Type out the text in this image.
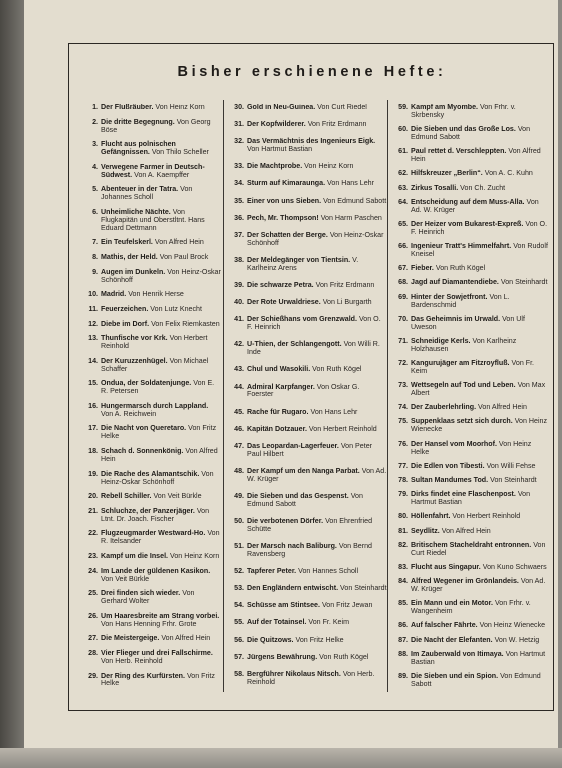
Bisher erschienene Hefte:
1. Der Flußräuber. Von Heinz Korn
2. Die dritte Begegnung. Von Georg Böse
3. Flucht aus polnischen Gefängnissen. Von Thilo Scheller
4. Verwegene Farmer in Deutsch-Südwest. Von A. Kaempffer
5. Abenteuer in der Tatra. Von Johannes Scholl
6. Unheimliche Nächte. Von Flugkapitän und Oberstltnt. Hans Eduard Dettmann
7. Ein Teufelskerl. Von Alfred Hein
8. Mathis, der Held. Von Paul Brock
9. Augen im Dunkeln. Von Heinz-Oskar Schönhoff
10. Madrid. Von Henrik Herse
11. Feuerzeichen. Von Lutz Knecht
12. Diebe im Dorf. Von Felix Riemkasten
13. Thunfische vor Krk. Von Herbert Reinhold
14. Der Kuruzzenhügel. Von Michael Schaffer
15. Ondua, der Soldatenjunge. Von E. R. Petersen
16. Hungermarsch durch Lappland. Von A. Reichwein
17. Die Nacht von Queretaro. Von Fritz Helke
18. Schach d. Sonnenkönig. Von Alfred Hein
19. Die Rache des Alamantschik. Von Heinz-Oskar Schönhoff
20. Rebell Schiller. Von Veit Bürkle
21. Schluchze, der Panzerjäger. Von Ltnt. Dr. Joach. Fischer
22. Flugzeugmarder Westward-Ho. Von R. Itelsander
23. Kampf um die Insel. Von Heinz Korn
24. Im Lande der güldenen Kasikon. Von Veit Bürkle
25. Drei finden sich wieder. Von Gerhard Wolter
26. Um Haaresbreite am Strang vorbei. Von Hans Henning Frhr. Grote
27. Die Meistergeige. Von Alfred Hein
28. Vier Flieger und drei Fallschirme. Von Herb. Reinhold
29. Der Ring des Kurfürsten. Von Fritz Helke
30. Gold in Neu-Guinea. Von Curt Riedel
31. Der Kopfwilderer. Von Fritz Erdmann
32. Das Vermächtnis des Ingenieurs Eigk. Von Hartmut Bastian
33. Die Machtprobe. Von Heinz Korn
34. Sturm auf Kimaraunga. Von Hans Lehr
35. Einer von uns Sieben. Von Edmund Sabott
36. Pech, Mr. Thompson! Von Harm Paschen
37. Der Schatten der Berge. Von Heinz-Oskar Schönhoff
38. Der Meldegänger von Tientsin. V. Karlheinz Arens
39. Die schwarze Petra. Von Fritz Erdmann
40. Der Rote Urwaldriese. Von Li Burgarth
41. Der Schießhans vom Grenzwald. Von O. F. Heinrich
42. U-Thien, der Schlangengott. Von Willi R. Inde
43. Chul und Wasokili. Von Ruth Kögel
44. Admiral Karpfanger. Von Oskar G. Foerster
45. Rache für Rugaro. Von Hans Lehr
46. Kapitän Dotzauer. Von Herbert Reinhold
47. Das Leopardan-Lagerfeuer. Von Peter Paul Hilbert
48. Der Kampf um den Nanga Parbat. Von Ad. W. Krüger
49. Die Sieben und das Gespenst. Von Edmund Sabott
50. Die verbotenen Dörfer. Von Ehrenfried Schütte
51. Der Marsch nach Baliburg. Von Bernd Ravensberg
52. Tapferer Peter. Von Hannes Scholl
53. Den Engländern entwischt. Von Steinhardt
54. Schüsse am Stintsee. Von Fritz Jewan
55. Auf der Totainsel. Von Fr. Keim
56. Die Quitzows. Von Fritz Helke
57. Jürgens Bewährung. Von Ruth Kögel
58. Bergführer Nikolaus Nitsch. Von Herb. Reinhold
59. Kampf am Myombe. Von Frhr. v. Skrbensky
60. Die Sieben und das Große Los. Von Edmund Sabott
61. Paul rettet d. Verschleppten. Von Alfred Hein
62. Hilfskreuzer „Berlin“. Von A. C. Kuhn
63. Zirkus Tosalli. Von Ch. Zucht
64. Entscheidung auf dem Muss-Alla. Von Ad. W. Krüger
65. Der Heizer vom Bukarest-Expreß. Von O. F. Heinrich
66. Ingenieur Tratt's Himmelfahrt. Von Rudolf Kneisel
67. Fieber. Von Ruth Kögel
68. Jagd auf Diamantendiebe. Von Steinhardt
69. Hinter der Sowjetfront. Von L. Bardenschmid
70. Das Geheimnis im Urwald. Von Ulf Uweson
71. Schneidige Kerls. Von Karlheinz Holzhausen
72. Kangurujäger am Fitzroyfluß. Von Fr. Keim
73. Wettsegeln auf Tod und Leben. Von Max Albert
74. Der Zauberlehrling. Von Alfred Hein
75. Suppenklaas setzt sich durch. Von Heinz Wienecke
76. Der Hansel vom Moorhof. Von Heinz Helke
77. Die Edlen von Tibesti. Von Willi Fehse
78. Sultan Mandumes Tod. Von Steinhardt
79. Dirks findet eine Flaschenpost. Von Hartmut Bastian
80. Höllenfahrt. Von Herbert Reinhold
81. Seydlitz. Von Alfred Hein
82. Britischem Stacheldraht entronnen. Von Curt Riedel
83. Flucht aus Singapur. Von Kuno Schwaers
84. Alfred Wegener im Grönlandeis. Von Ad. W. Krüger
85. Ein Mann und ein Motor. Von Frhr. v. Wangenheim
86. Auf falscher Fährte. Von Heinz Wienecke
87. Die Nacht der Elefanten. Von W. Hetzig
88. Im Zauberwald von Itimaya. Von Hartmut Bastian
89. Die Sieben und ein Spion. Von Edmund Sabott
